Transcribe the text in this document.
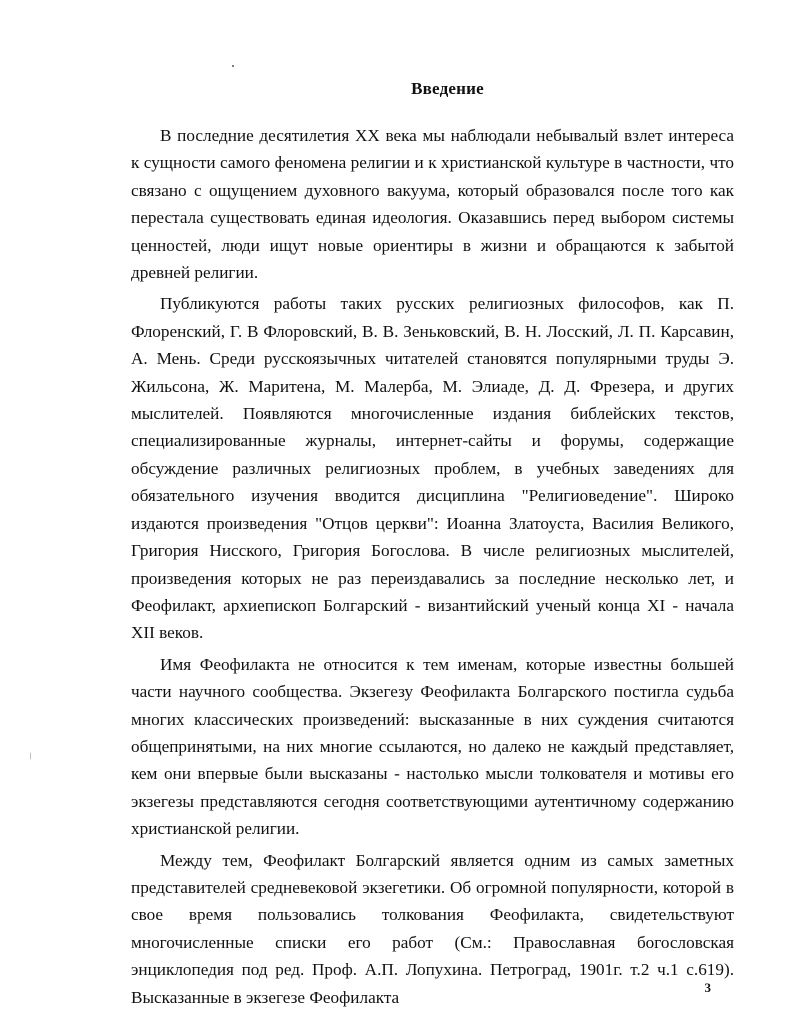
Введение

В последние десятилетия XX века мы наблюдали небывалый взлет интереса к сущности самого феномена религии и к христианской культуре в частности, что связано с ощущением духовного вакуума, который образовался после того как перестала существовать единая идеология. Оказавшись перед выбором системы ценностей, люди ищут новые ориентиры в жизни и обращаются к забытой древней религии.

Публикуются работы таких русских религиозных философов, как П. Флоренский, Г. В Флоровский, В. В. Зеньковский, В. Н. Лосский, Л. П. Карсавин, А. Мень. Среди русскоязычных читателей становятся популярными труды Э. Жильсона, Ж. Маритена, М. Малерба, М. Элиаде, Д. Д. Фрезера, и других мыслителей. Появляются многочисленные издания библейских текстов, специализированные журналы, интернет-сайты и форумы, содержащие обсуждение различных религиозных проблем, в учебных заведениях для обязательного изучения вводится дисциплина "Религиоведение". Широко издаются произведения "Отцов церкви": Иоанна Златоуста, Василия Великого, Григория Нисского, Григория Богослова. В числе религиозных мыслителей, произведения которых не раз переиздавались за последние несколько лет, и Феофилакт, архиепископ Болгарский - византийский ученый конца XI - начала XII веков.

Имя Феофилакта не относится к тем именам, которые известны большей части научного сообщества. Экзегезу Феофилакта Болгарского постигла судьба многих классических произведений: высказанные в них суждения считаются общепринятыми, на них многие ссылаются, но далеко не каждый представляет, кем они впервые были высказаны - настолько мысли толкователя и мотивы его экзегезы представляются сегодня соответствующими аутентичному содержанию христианской религии.

Между тем, Феофилакт Болгарский является одним из самых заметных представителей средневековой экзегетики. Об огромной популярности, которой в свое время пользовались толкования Феофилакта, свидетельствуют многочисленные списки его работ (См.: Православная богословская энциклопедия под ред. Проф. А.П. Лопухина. Петроград, 1901г. т.2 ч.1 с.619). Высказанные в экзегезе Феофилакта

3
